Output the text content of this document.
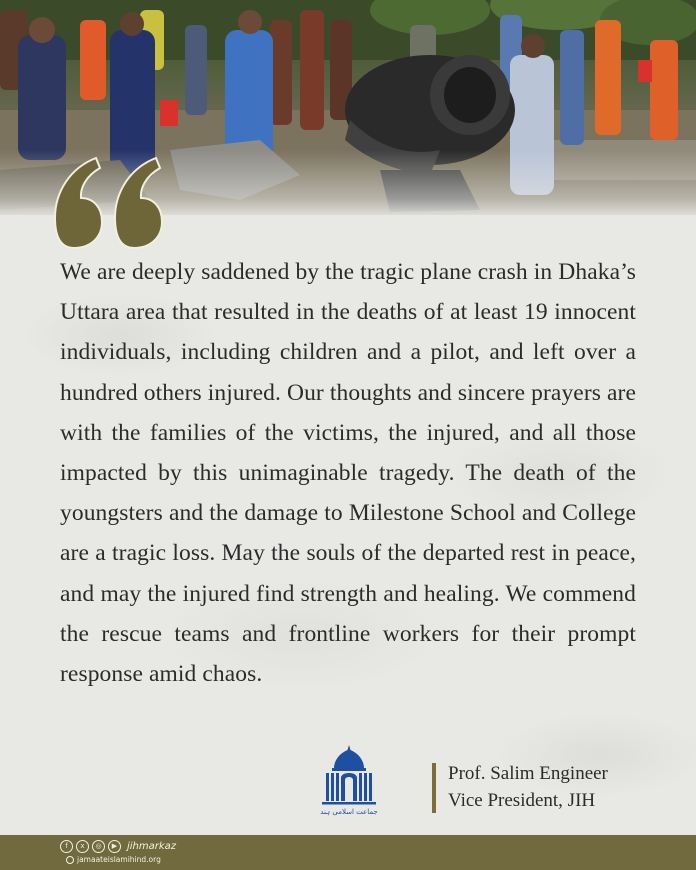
We are deeply saddened by the tragic plane crash in Dhaka’s Uttara area that resulted in the deaths of at least 19 innocent individuals, including children and a pilot, and left over a hundred others injured. Our thoughts and sincere prayers are with the families of the victims, the injured, and all those impacted by this unimaginable tragedy. The death of the youngsters and the damage to Milestone School and College are a tragic loss. May the souls of the departed rest in peace, and may the injured find strength and healing. We commend the rescue teams and frontline workers for their prompt response amid chaos.

جماعت اسلامی ہند
Prof. Salim Engineer
Vice President, JIH
f	x	◎	▶ jihmarkaz
jamaateislamihind.org
